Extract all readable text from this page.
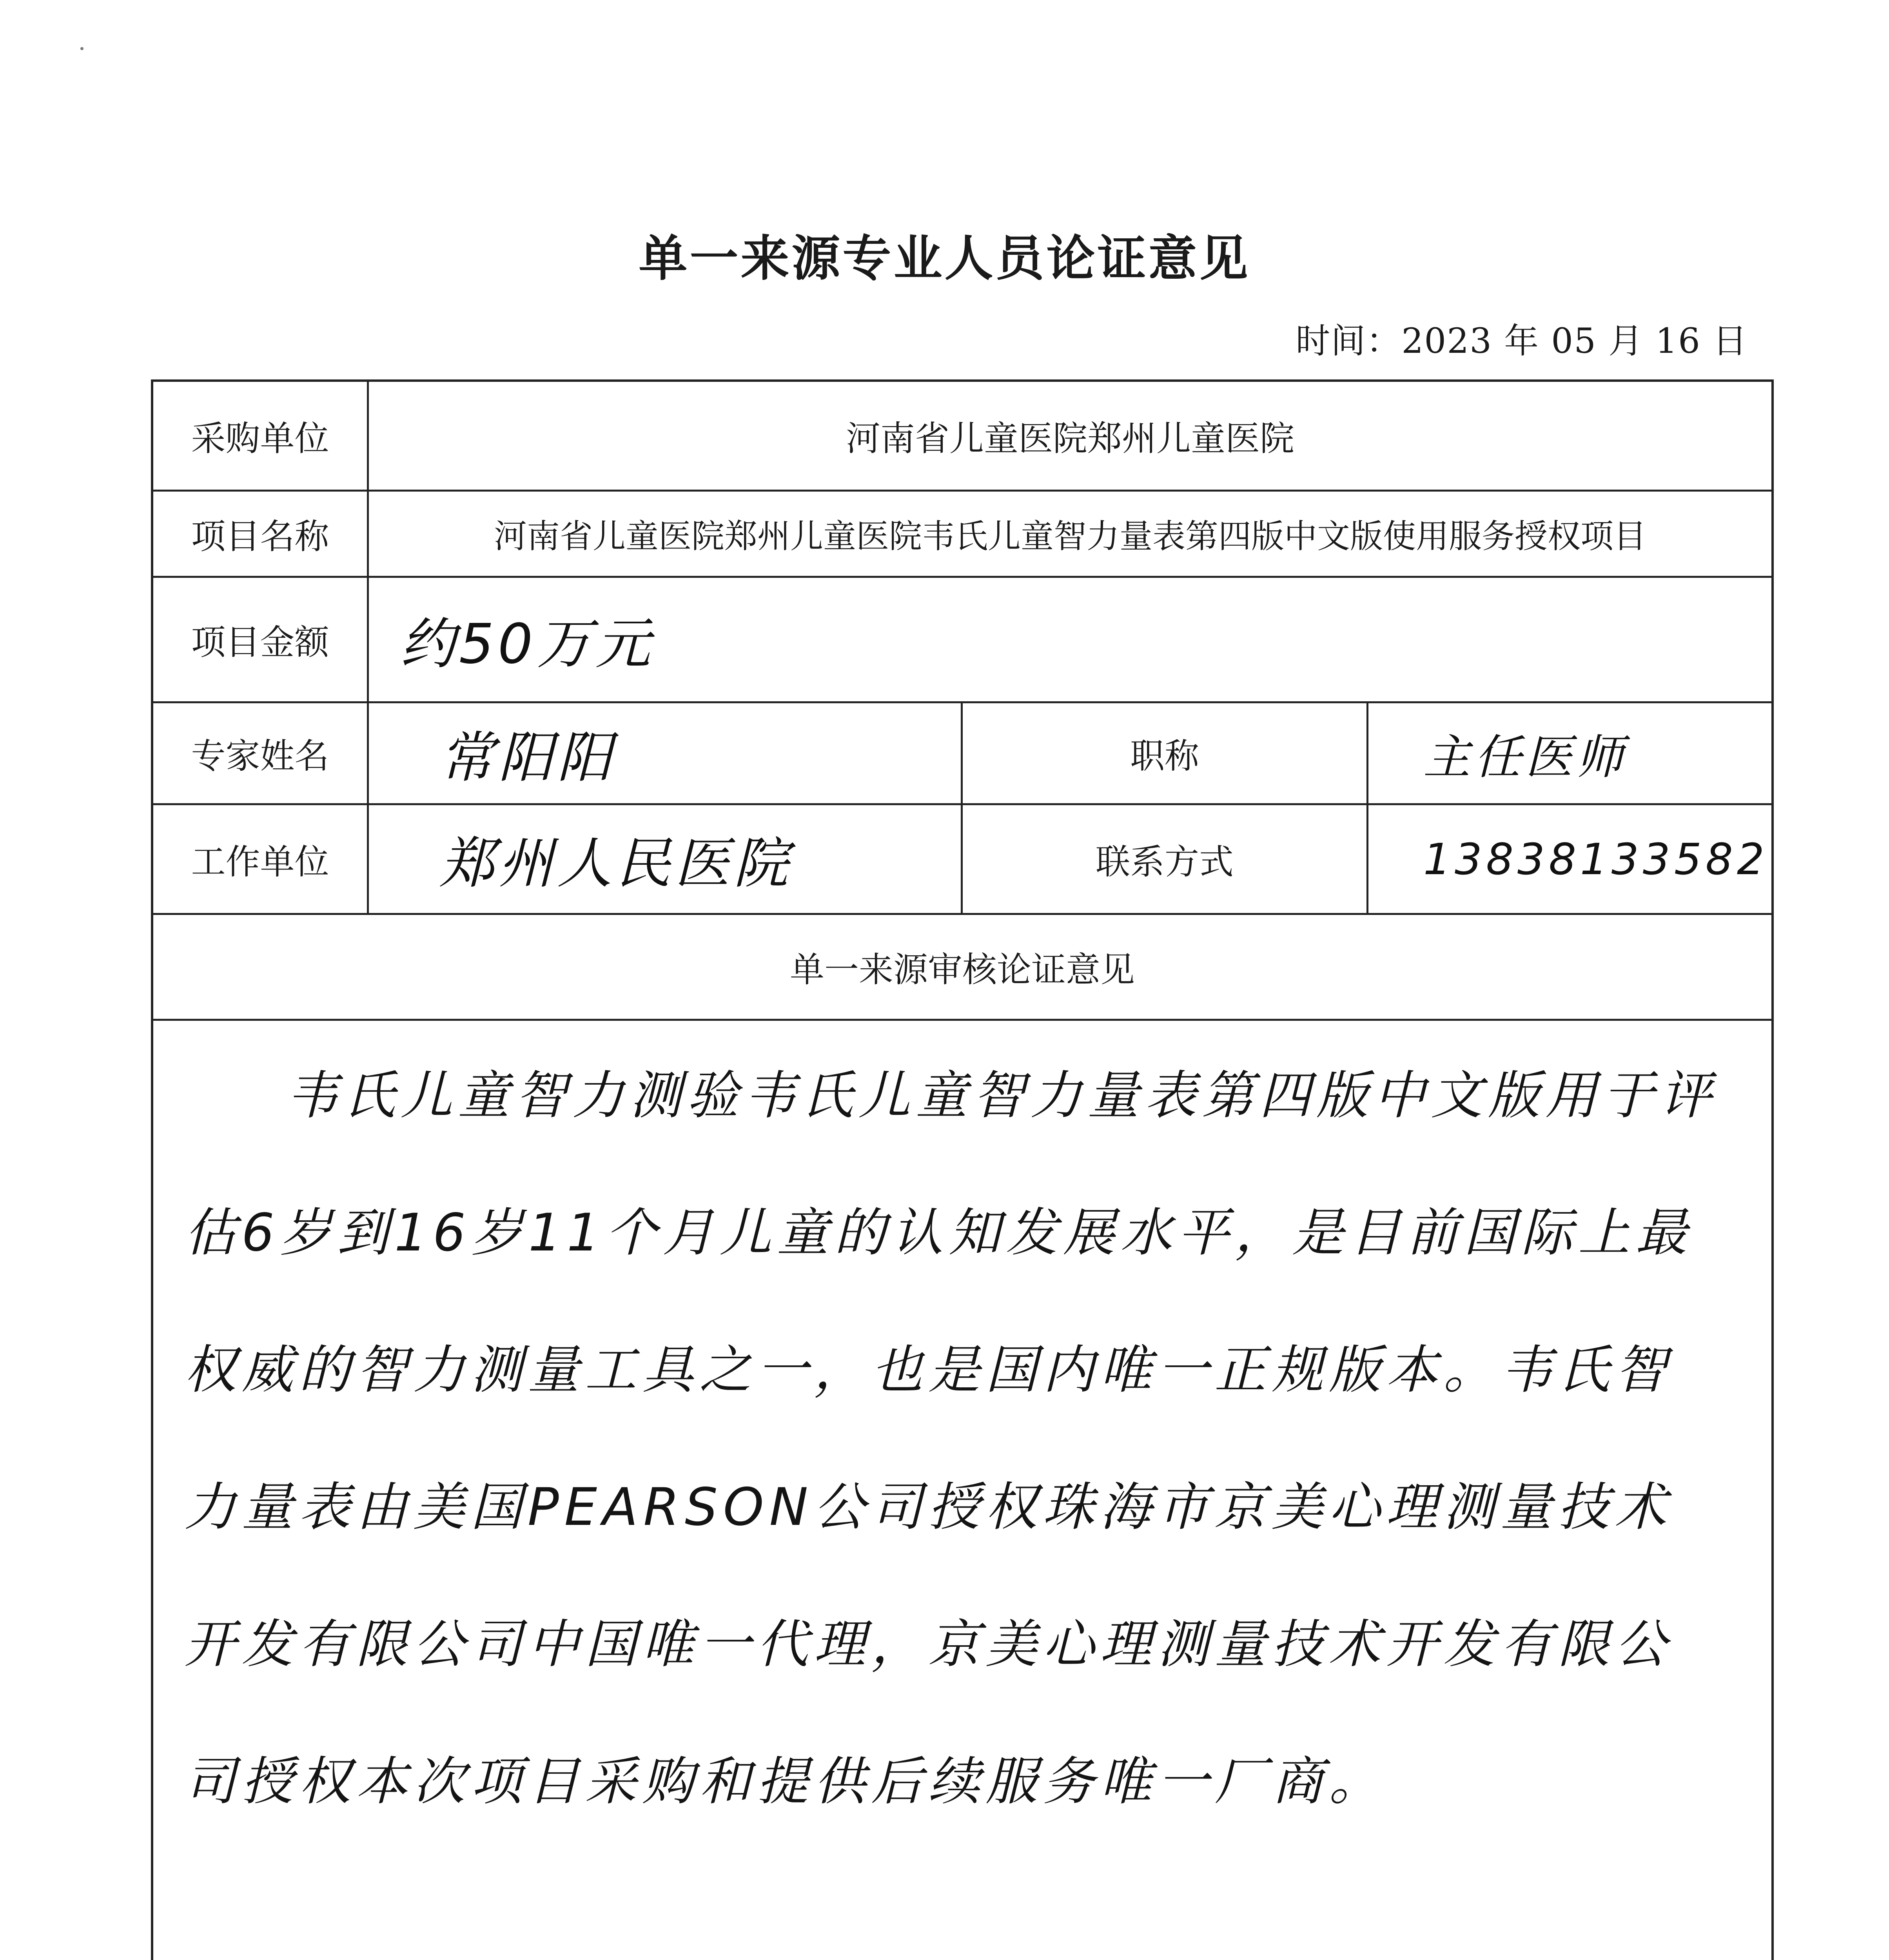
单一来源专业人员论证意见
时间：2023 年 05 月 16 日
采购单位	河南省儿童医院郑州儿童医院
项目名称	河南省儿童医院郑州儿童医院韦氏儿童智力量表第四版中文版使用服务授权项目
项目金额	约50万元
专家姓名	常阳阳	职称	主任医师
工作单位	郑州人民医院	联系方式	13838133582
单一来源审核论证意见

韦氏儿童智力测验韦氏儿童智力量表第四版中文版用于评估6岁到16岁11个月儿童的认知发展水平，是目前国际上最权威的智力测量工具之一，也是国内唯一正规版本。韦氏智力量表由美国PEARSON公司授权珠海市京美心理测量技术开发有限公司中国唯一代理，京美心理测量技术开发有限公司授权本次项目采购和提供后续服务唯一厂商。
